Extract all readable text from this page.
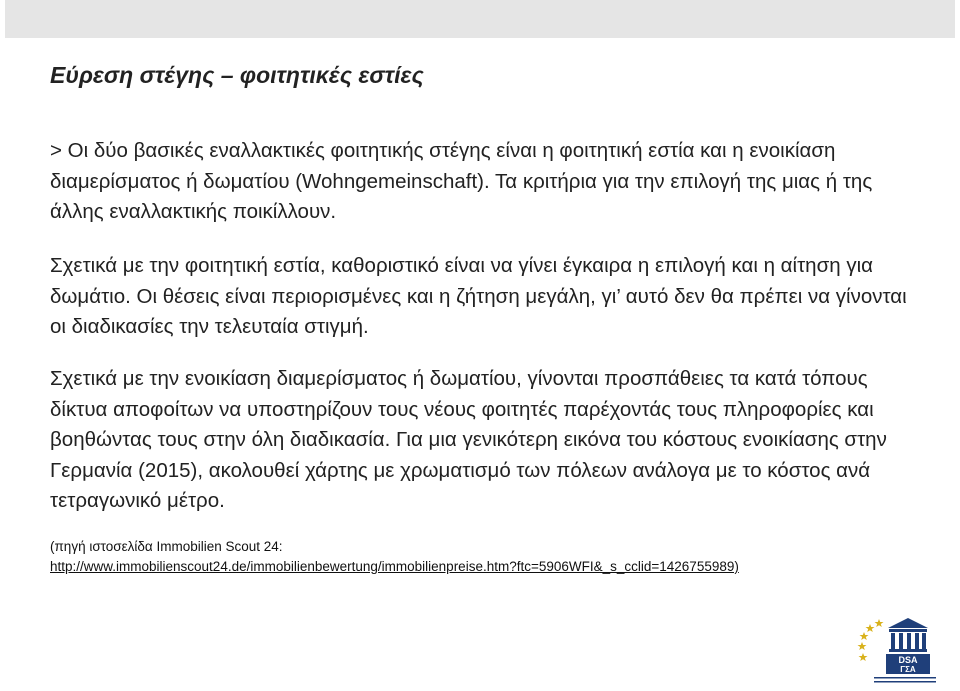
Εύρεση στέγης – φοιτητικές εστίες
> Οι δύο βασικές εναλλακτικές φοιτητικής στέγης είναι η φοιτητική εστία και η ενοικίαση διαμερίσματος ή δωματίου (Wohngemeinschaft). Τα κριτήρια για την επιλογή της μιας ή της άλλης εναλλακτικής ποικίλλουν.
Σχετικά με την φοιτητική εστία, καθοριστικό είναι να γίνει έγκαιρα η επιλογή και η αίτηση για δωμάτιο. Οι θέσεις είναι περιορισμένες και η ζήτηση μεγάλη, γι’ αυτό δεν θα πρέπει να γίνονται οι διαδικασίες την τελευταία στιγμή.
Σχετικά με την ενοικίαση διαμερίσματος ή δωματίου, γίνονται προσπάθειες τα κατά τόπους δίκτυα αποφοίτων να υποστηρίζουν τους νέους φοιτητές παρέχοντάς τους πληροφορίες και βοηθώντας τους στην όλη διαδικασία. Για μια γενικότερη εικόνα του κόστους ενοικίασης στην Γερμανία (2015), ακολουθεί χάρτης με χρωματισμό των πόλεων ανάλογα με το κόστος ανά τετραγωνικό μέτρο.
(πηγή ιστοσελίδα Immobilien Scout 24:
http://www.immobilienscout24.de/immobilienbewertung/immobilienpreise.htm?ftc=5906WFI&_s_cclid=1426755989)
DSA
ΓΣΑ
